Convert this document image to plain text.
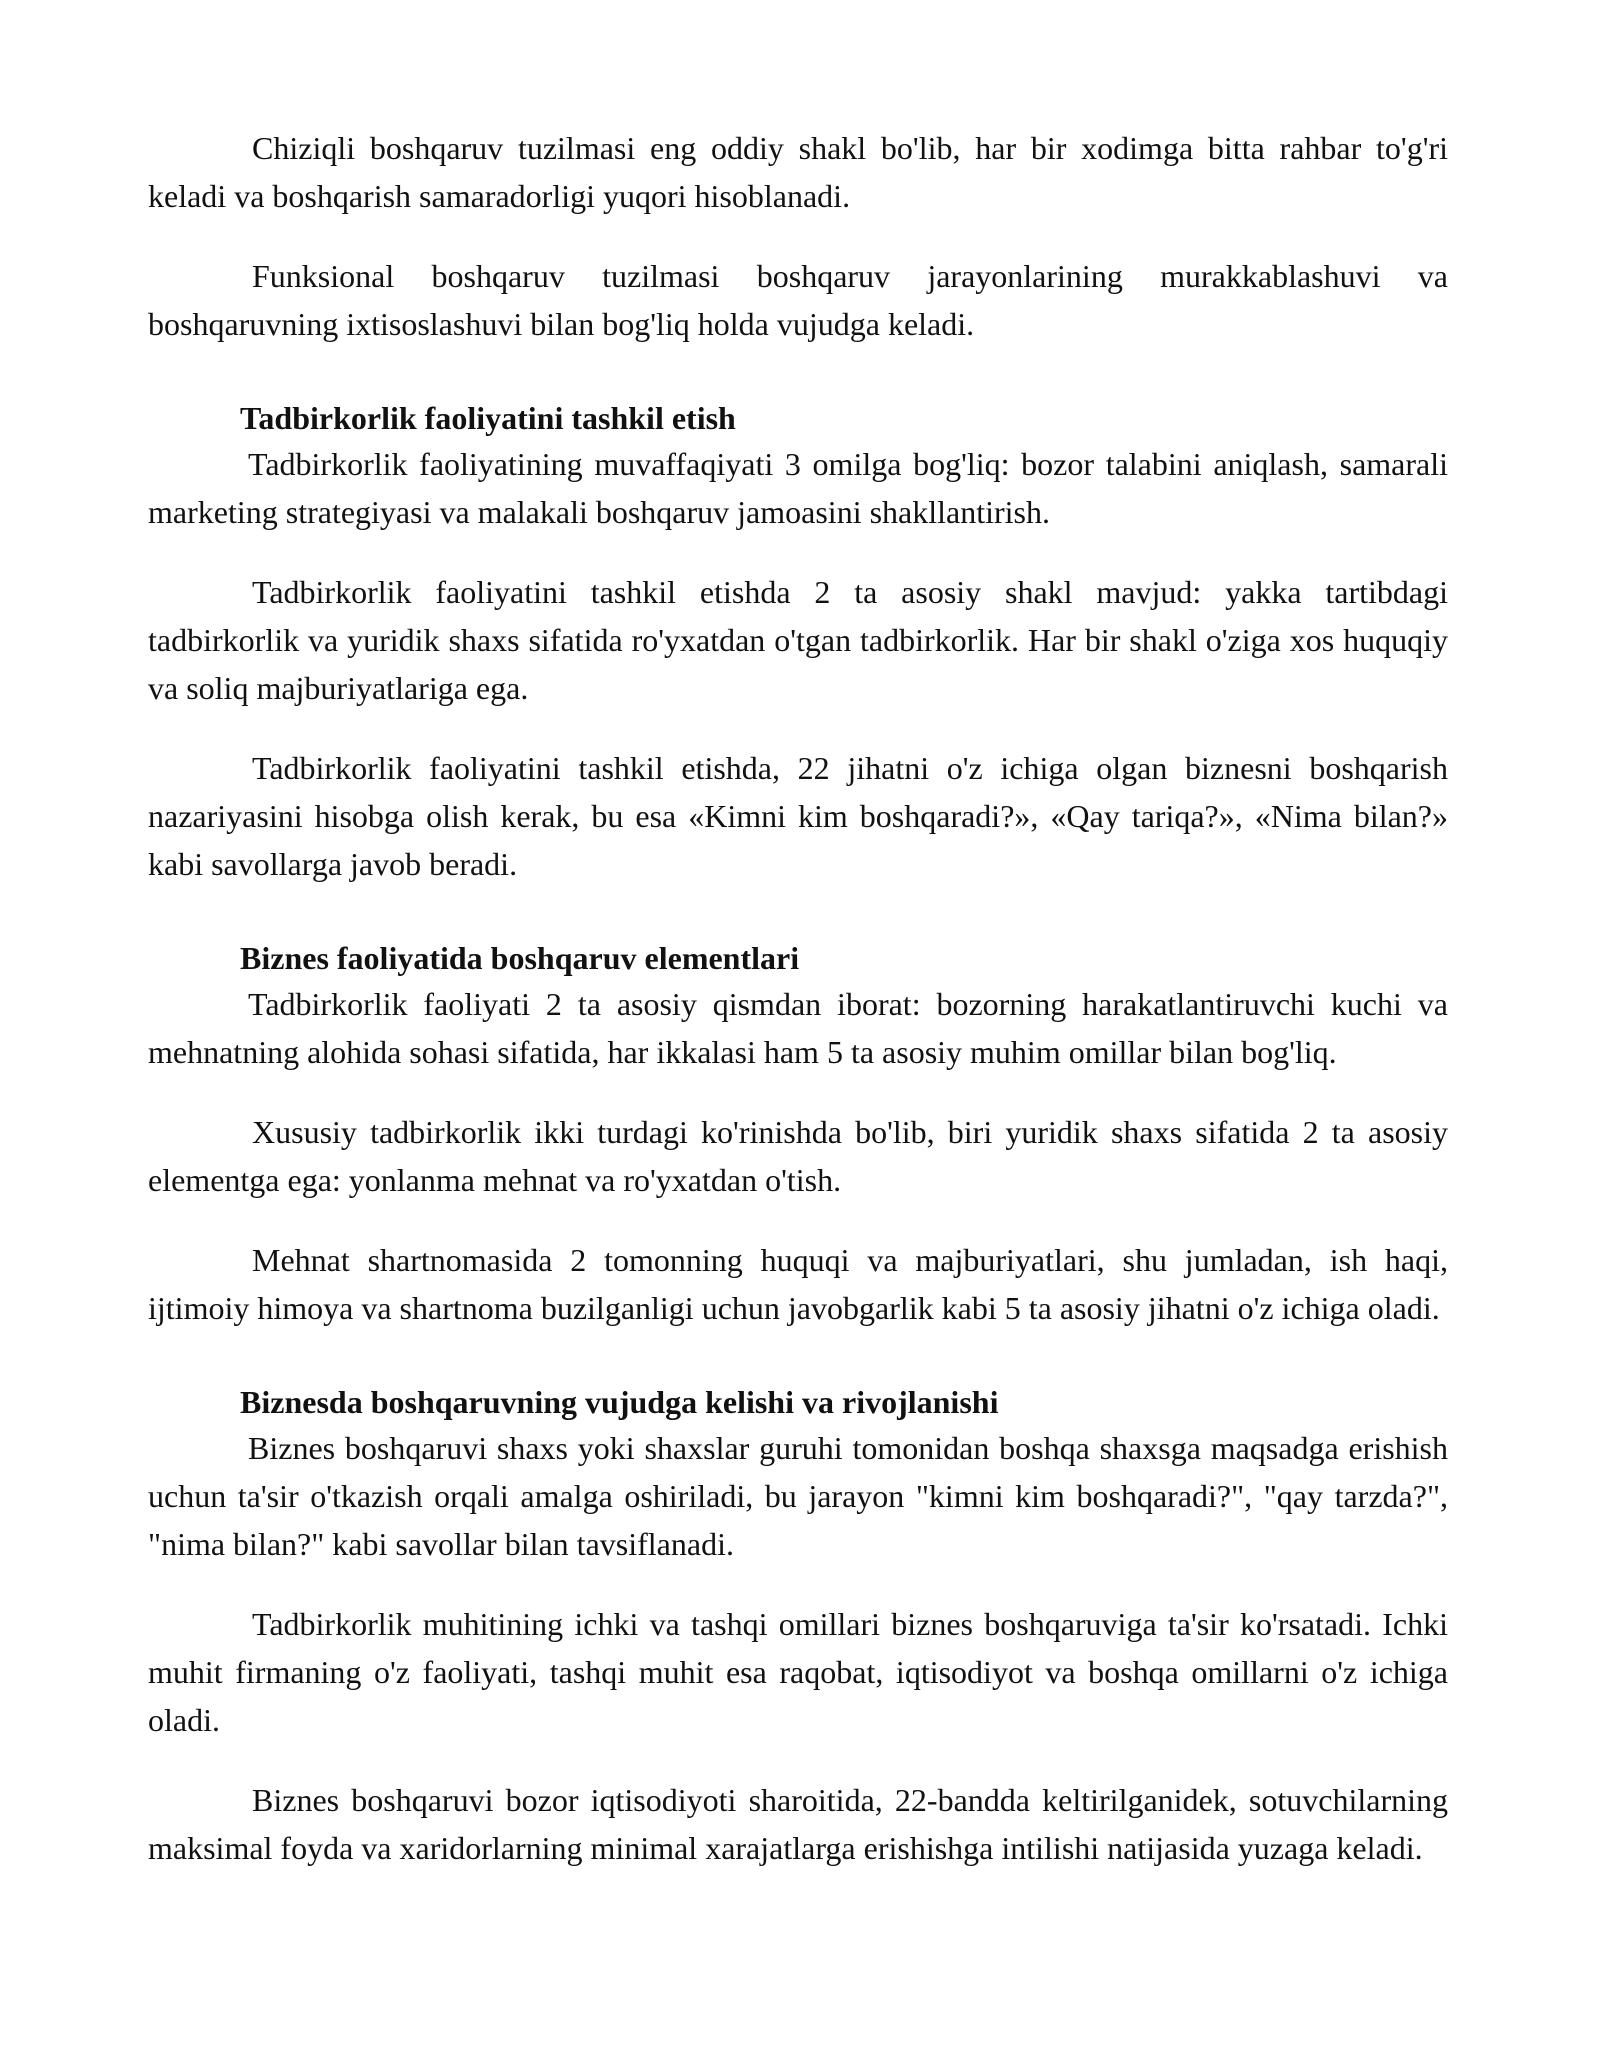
Chiziqli boshqaruv tuzilmasi eng oddiy shakl bo'lib, har bir xodimga bitta rahbar to'g'ri keladi va boshqarish samaradorligi yuqori hisoblanadi.

Funksional boshqaruv tuzilmasi boshqaruv jarayonlarining murakkablashuvi va boshqaruvning ixtisoslashuvi bilan bog'liq holda vujudga keladi.

Tadbirkorlik faoliyatini tashkil etish

Tadbirkorlik faoliyatining muvaffaqiyati 3 omilga bog'liq: bozor talabini aniqlash, samarali marketing strategiyasi va malakali boshqaruv jamoasini shakllantirish.

Tadbirkorlik faoliyatini tashkil etishda 2 ta asosiy shakl mavjud: yakka tartibdagi tadbirkorlik va yuridik shaxs sifatida ro'yxatdan o'tgan tadbirkorlik. Har bir shakl o'ziga xos huquqiy va soliq majburiyatlariga ega.

Tadbirkorlik faoliyatini tashkil etishda, 22 jihatni o'z ichiga olgan biznesni boshqarish nazariyasini hisobga olish kerak, bu esa «Kimni kim boshqaradi?», «Qay tariqa?», «Nima bilan?» kabi savollarga javob beradi.

Biznes faoliyatida boshqaruv elementlari

Tadbirkorlik faoliyati 2 ta asosiy qismdan iborat: bozorning harakatlantiruvchi kuchi va mehnatning alohida sohasi sifatida, har ikkalasi ham 5 ta asosiy muhim omillar bilan bog'liq.

Xususiy tadbirkorlik ikki turdagi ko'rinishda bo'lib, biri yuridik shaxs sifatida 2 ta asosiy elementga ega: yonlanma mehnat va ro'yxatdan o'tish.

Mehnat shartnomasida 2 tomonning huquqi va majburiyatlari, shu jumladan, ish haqi, ijtimoiy himoya va shartnoma buzilganligi uchun javobgarlik kabi 5 ta asosiy jihatni o'z ichiga oladi.

Biznesda boshqaruvning vujudga kelishi va rivojlanishi

Biznes boshqaruvi shaxs yoki shaxslar guruhi tomonidan boshqa shaxsga maqsadga erishish uchun ta'sir o'tkazish orqali amalga oshiriladi, bu jarayon "kimni kim boshqaradi?", "qay tarzda?", "nima bilan?" kabi savollar bilan tavsiflanadi.

Tadbirkorlik muhitining ichki va tashqi omillari biznes boshqaruviga ta'sir ko'rsatadi. Ichki muhit firmaning o'z faoliyati, tashqi muhit esa raqobat, iqtisodiyot va boshqa omillarni o'z ichiga oladi.

Biznes boshqaruvi bozor iqtisodiyoti sharoitida, 22-bandda keltirilganidek, sotuvchilarning maksimal foyda va xaridorlarning minimal xarajatlarga erishishga intilishi natijasida yuzaga keladi.
